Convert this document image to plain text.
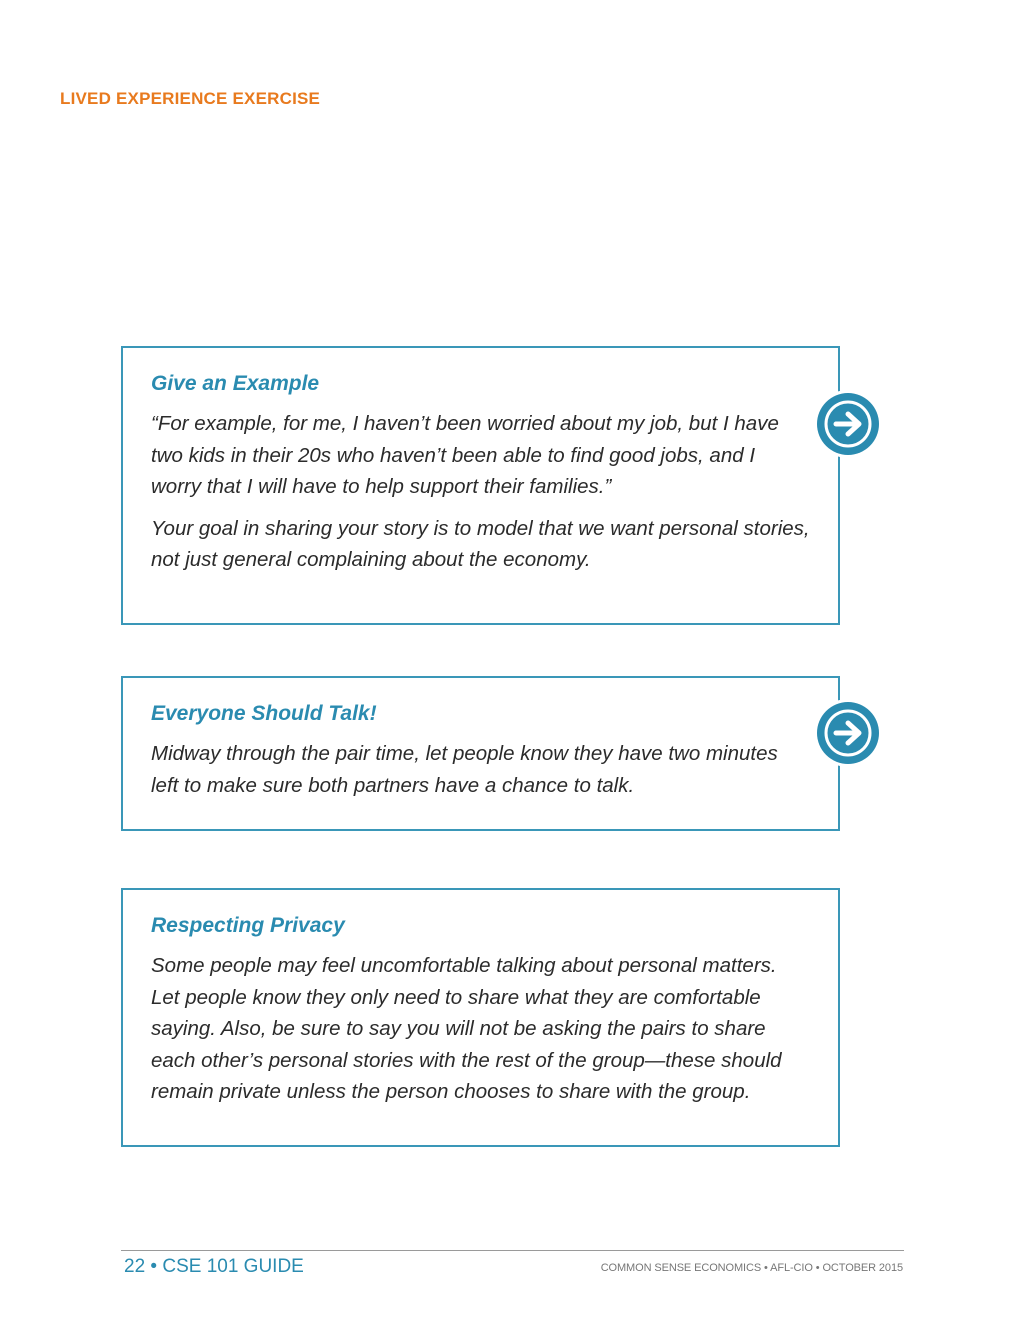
LIVED EXPERIENCE EXERCISE
Give an Example

“For example, for me, I haven’t been worried about my job, but I have two kids in their 20s who haven’t been able to find good jobs, and I worry that I will have to help support their families.”

Your goal in sharing your story is to model that we want personal stories, not just general complaining about the economy.

Everyone Should Talk!

Midway through the pair time, let people know they have two minutes left to make sure both partners have a chance to talk.

Respecting Privacy

Some people may feel uncomfortable talking about personal matters. Let people know they only need to share what they are comfortable saying. Also, be sure to say you will not be asking the pairs to share each other’s personal stories with the rest of the group—these should remain private unless the person chooses to share with the group.

22 • CSE 101 GUIDE	COMMON SENSE ECONOMICS • AFL-CIO • OCTOBER 2015
